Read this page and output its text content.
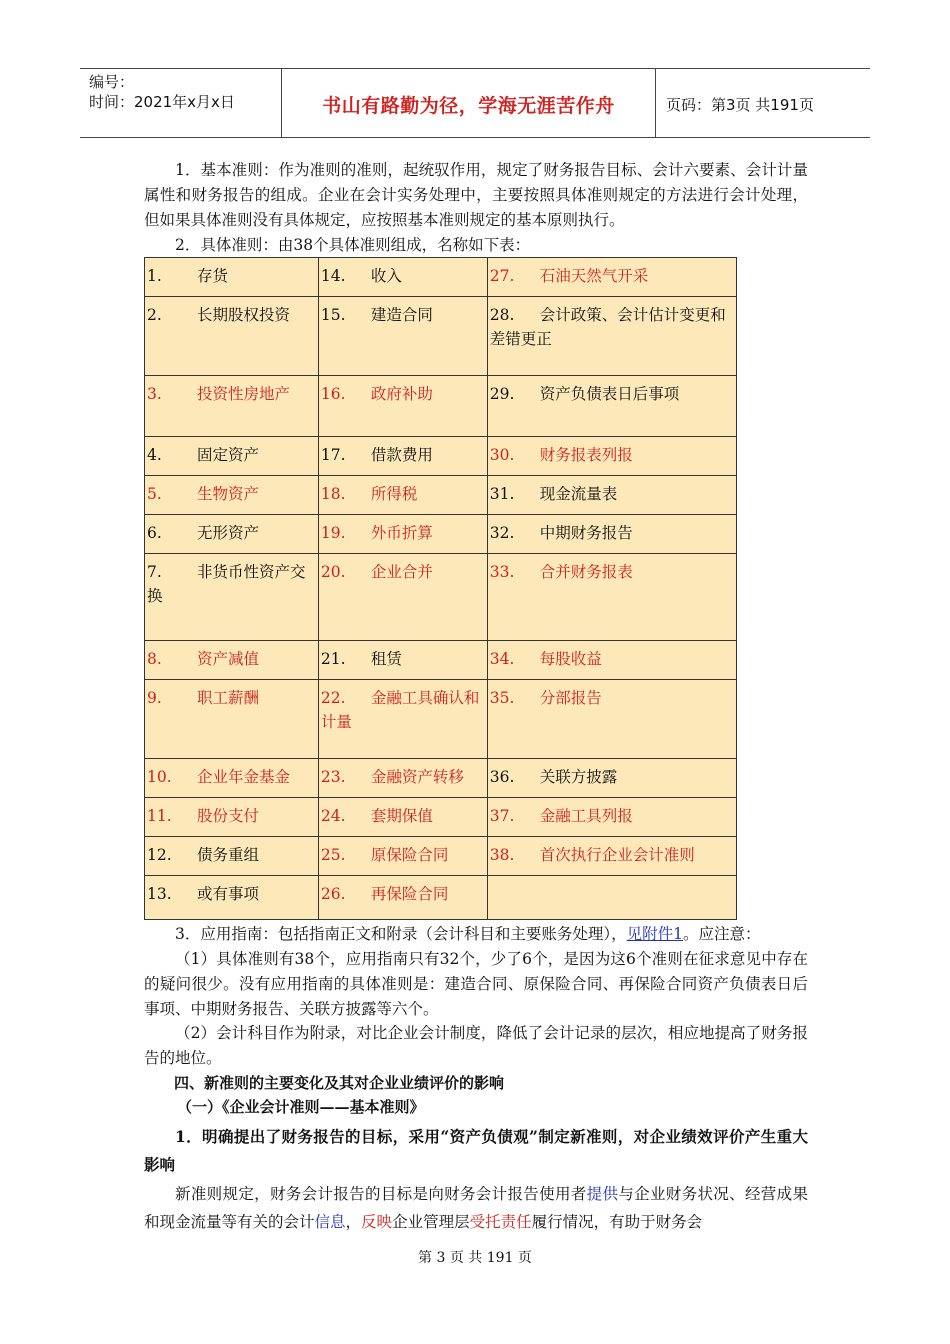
编号：
时间：2021年x月x日	书山有路勤为径，学海无涯苦作舟	页码：第3页 共191页

1．基本准则：作为准则的准则，起统驭作用，规定了财务报告目标、会计六要素、会计计量属性和财务报告的组成。企业在会计实务处理中，主要按照具体准则规定的方法进行会计处理，但如果具体准则没有具体规定，应按照基本准则规定的基本原则执行。

2．具体准则：由38个具体准则组成，名称如下表：

1. 存货	14. 收入	27. 石油天然气开采
2. 长期股权投资	15. 建造合同	28. 会计政策、会计估计变更和差错更正
3. 投资性房地产	16. 政府补助	29. 资产负债表日后事项
4. 固定资产	17. 借款费用	30. 财务报表列报
5. 生物资产	18. 所得税	31. 现金流量表
6. 无形资产	19. 外币折算	32. 中期财务报告
7. 非货币性资产交换	20. 企业合并	33. 合并财务报表
8. 资产减值	21. 租赁	34. 每股收益
9. 职工薪酬	22. 金融工具确认和计量	35. 分部报告
10. 企业年金基金	23. 金融资产转移	36. 关联方披露
11. 股份支付	24. 套期保值	37. 金融工具列报
12. 债务重组	25. 原保险合同	38. 首次执行企业会计准则
13. 或有事项	26. 再保险合同	

3．应用指南：包括指南正文和附录（会计科目和主要账务处理），见附件1。应注意：

（1）具体准则有38个，应用指南只有32个，少了6个，是因为这6个准则在征求意见中存在的疑问很少。没有应用指南的具体准则是：建造合同、原保险合同、再保险合同资产负债表日后事项、中期财务报告、关联方披露等六个。

（2）会计科目作为附录，对比企业会计制度，降低了会计记录的层次，相应地提高了财务报告的地位。

四、新准则的主要变化及其对企业业绩评价的影响

（一）《企业会计准则——基本准则》

1．明确提出了财务报告的目标，采用“资产负债观”制定新准则，对企业绩效评价产生重大影响

新准则规定，财务会计报告的目标是向财务会计报告使用者提供与企业财务状况、经营成果和现金流量等有关的会计信息，反映企业管理层受托责任履行情况，有助于财务会

第 3 页 共 191 页
